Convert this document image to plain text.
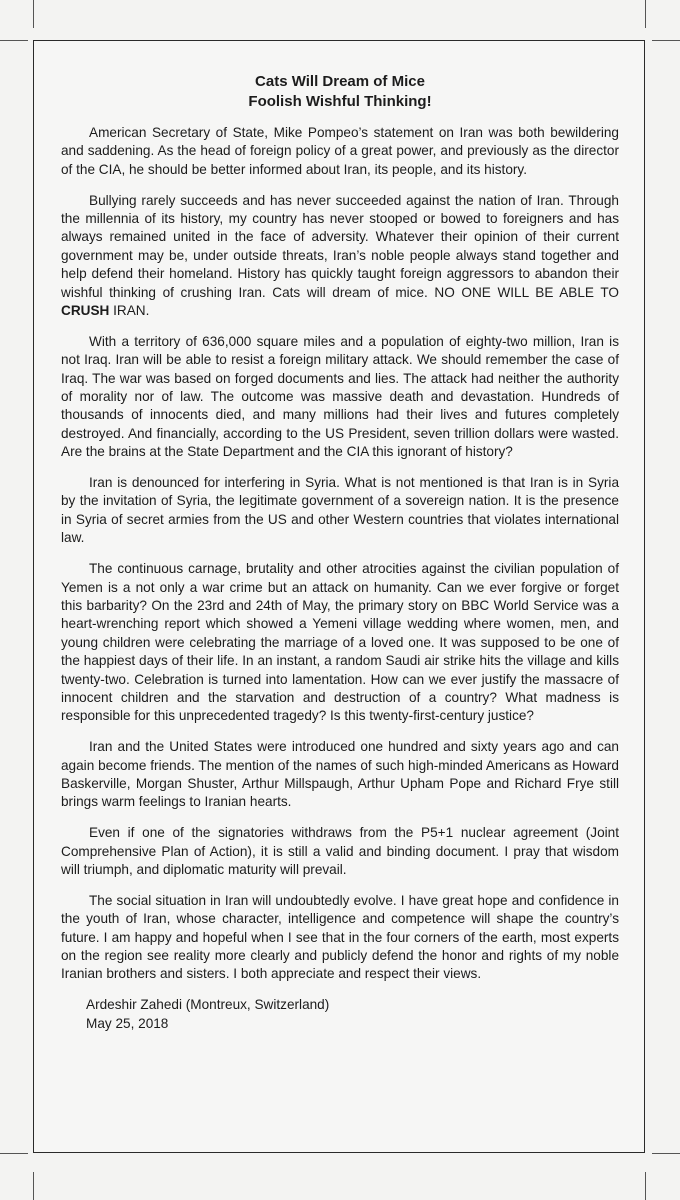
Cats Will Dream of Mice
Foolish Wishful Thinking!

American Secretary of State, Mike Pompeo’s statement on Iran was both bewildering and saddening. As the head of foreign policy of a great power, and previously as the director of the CIA, he should be better informed about Iran, its people, and its history.

Bullying rarely succeeds and has never succeeded against the nation of Iran. Through the millennia of its history, my country has never stooped or bowed to foreigners and has always remained united in the face of adversity. Whatever their opinion of their current government may be, under outside threats, Iran’s noble people always stand together and help defend their homeland. History has quickly taught foreign aggressors to abandon their wishful thinking of crushing Iran. Cats will dream of mice. NO ONE WILL BE ABLE TO CRUSH IRAN.

With a territory of 636,000 square miles and a population of eighty-two million, Iran is not Iraq. Iran will be able to resist a foreign military attack. We should remember the case of Iraq. The war was based on forged documents and lies. The attack had neither the authority of morality nor of law. The outcome was massive death and devastation. Hundreds of thousands of innocents died, and many millions had their lives and futures completely destroyed. And financially, according to the US President, seven trillion dollars were wasted. Are the brains at the State Department and the CIA this ignorant of history?

Iran is denounced for interfering in Syria. What is not mentioned is that Iran is in Syria by the invitation of Syria, the legitimate government of a sovereign nation. It is the presence in Syria of secret armies from the US and other Western countries that violates international law.

The continuous carnage, brutality and other atrocities against the civilian population of Yemen is a not only a war crime but an attack on humanity. Can we ever forgive or forget this barbarity? On the 23rd and 24th of May, the primary story on BBC World Service was a heart-wrenching report which showed a Yemeni village wedding where women, men, and young children were celebrating the marriage of a loved one. It was supposed to be one of the happiest days of their life. In an instant, a random Saudi air strike hits the village and kills twenty-two. Celebration is turned into lamentation. How can we ever justify the massacre of innocent children and the starvation and destruction of a country? What madness is responsible for this unprecedented tragedy? Is this twenty-first-century justice?

Iran and the United States were introduced one hundred and sixty years ago and can again become friends. The mention of the names of such high-minded Americans as Howard Baskerville, Morgan Shuster, Arthur Millspaugh, Arthur Upham Pope and Richard Frye still brings warm feelings to Iranian hearts.

Even if one of the signatories withdraws from the P5+1 nuclear agreement (Joint Comprehensive Plan of Action), it is still a valid and binding document. I pray that wisdom will triumph, and diplomatic maturity will prevail.

The social situation in Iran will undoubtedly evolve. I have great hope and confidence in the youth of Iran, whose character, intelligence and competence will shape the country’s future. I am happy and hopeful when I see that in the four corners of the earth, most experts on the region see reality more clearly and publicly defend the honor and rights of my noble Iranian brothers and sisters. I both appreciate and respect their views.

Ardeshir Zahedi (Montreux, Switzerland)

May 25, 2018
